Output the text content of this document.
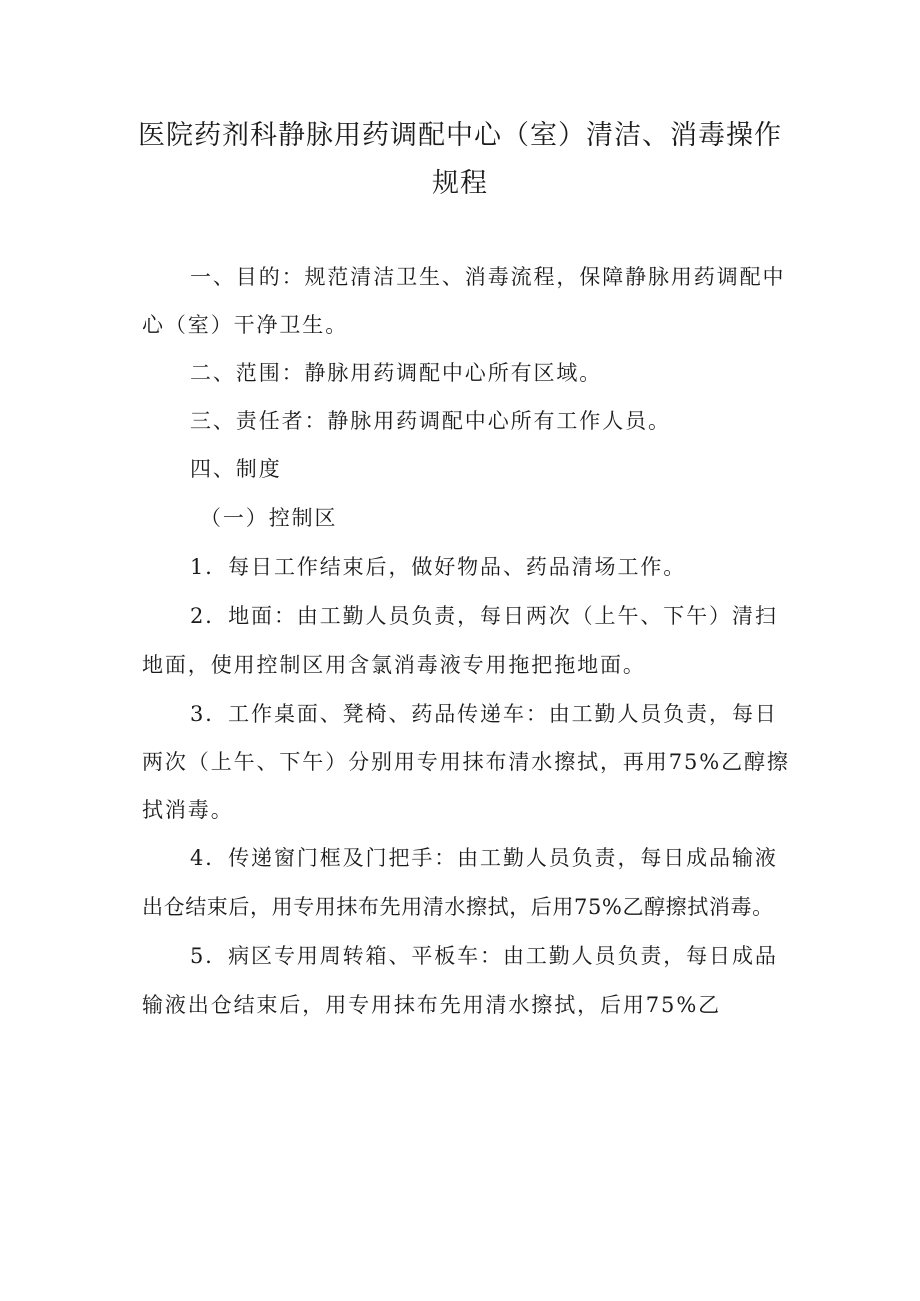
医院药剂科静脉用药调配中心（室）清洁、消毒操作
规程
一、目的：规范清洁卫生、消毒流程，保障静脉用药调配中
心（室）干净卫生。
二、范围：静脉用药调配中心所有区域。
三、责任者：静脉用药调配中心所有工作人员。
四、制度
（一）控制区
1．每日工作结束后，做好物品、药品清场工作。
2．地面：由工勤人员负责，每日两次（上午、下午）清扫
地面，使用控制区用含氯消毒液专用拖把拖地面。
3．工作桌面、凳椅、药品传递车：由工勤人员负责，每日
两次（上午、下午）分别用专用抹布清水擦拭，再用75%乙醇擦
拭消毒。
4．传递窗门框及门把手：由工勤人员负责，每日成品输液
出仓结束后，用专用抹布先用清水擦拭，后用75%乙醇擦拭消毒。
5．病区专用周转箱、平板车：由工勤人员负责，每日成品
输液出仓结束后，用专用抹布先用清水擦拭，后用75%乙
